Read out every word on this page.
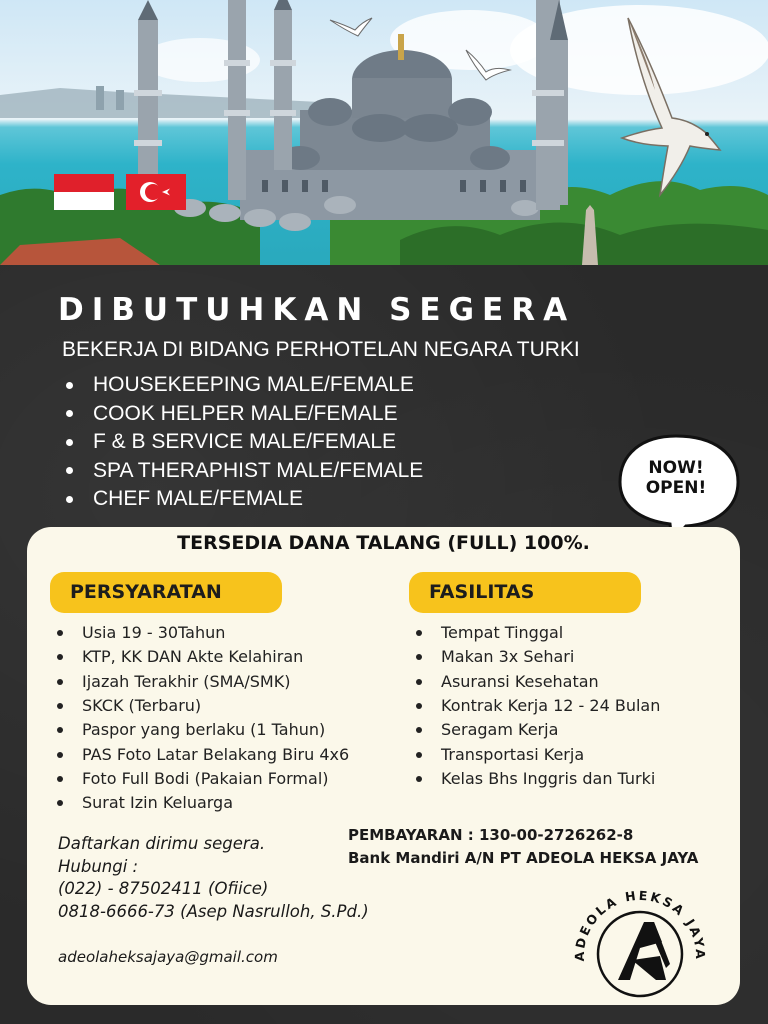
DIBUTUHKAN SEGERA
BEKERJA DI BIDANG PERHOTELAN NEGARA TURKI
HOUSEKEEPING MALE/FEMALE
COOK HELPER MALE/FEMALE
F & B SERVICE MALE/FEMALE
SPA THERAPHIST MALE/FEMALE
CHEF MALE/FEMALE
NOW!
OPEN!
TERSEDIA DANA TALANG (FULL) 100%.
PERSYARATAN	FASILITAS
Usia 19 - 30Tahun
KTP, KK DAN Akte Kelahiran
Ijazah Terakhir (SMA/SMK)
SKCK (Terbaru)
Paspor yang berlaku (1 Tahun)
PAS Foto Latar Belakang Biru 4x6
Foto Full Bodi (Pakaian Formal)
Surat Izin Keluarga
Tempat Tinggal
Makan 3x Sehari
Asuransi Kesehatan
Kontrak Kerja 12 - 24 Bulan
Seragam Kerja
Transportasi Kerja
Kelas Bhs Inggris dan Turki
Daftarkan dirimu segera.
Hubungi :
(022) - 87502411 (Ofiice)
0818-6666-73 (Asep Nasrulloh, S.Pd.)
adeolaheksajaya@gmail.com
PEMBAYARAN : 130-00-2726262-8
Bank Mandiri A/N PT ADEOLA HEKSA JAYA
ADEOLA HEKSA JAYA
